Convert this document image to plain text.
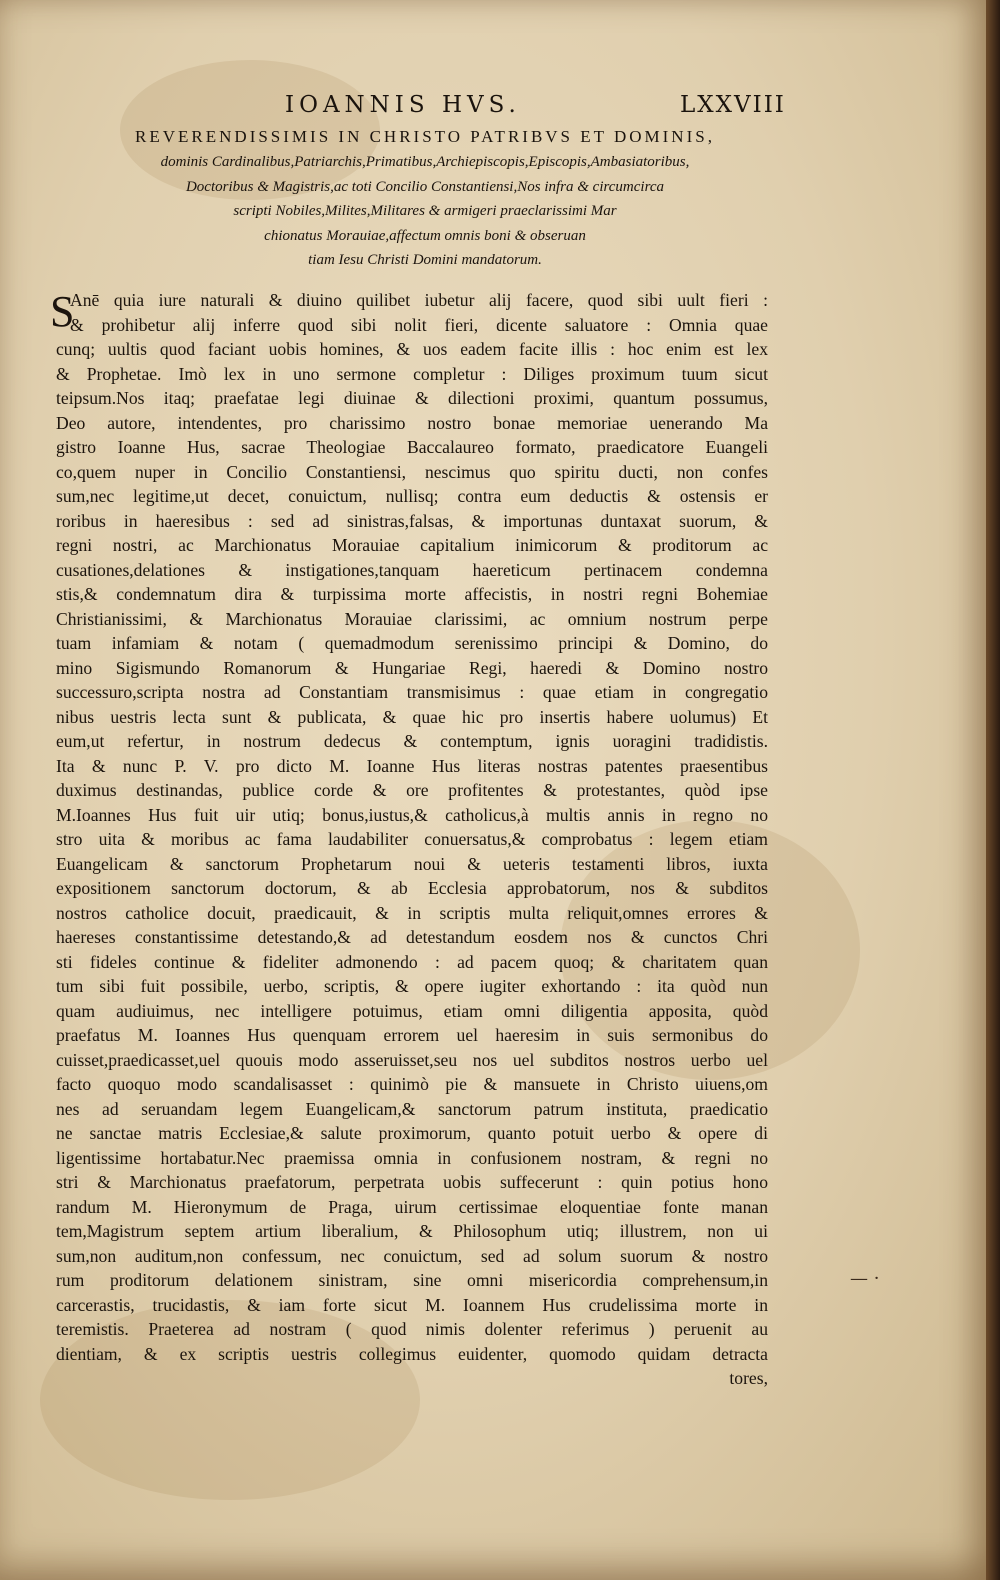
IOANNIS HVS.	LXXVIII
REVERENDISSIMIS IN CHRISTO PATRIBVS ET DOMINIS,
dominis Cardinalibus,Patriarchis,Primatibus,Archiepiscopis,Episcopis,Ambasiatoribus,
Doctoribus & Magistris,ac toti Concilio Constantiensi,Nos infra & circumcirca
scripti Nobiles,Milites,Militares & armigeri praeclarissimi Mar
chionatus Morauiae,affectum omnis boni & obseruan
tiam Iesu Christi Domini mandatorum.
S
Anē quia iure naturali & diuino quilibet iubetur alij facere, quod sibi uult fieri :
& prohibetur alij inferre quod sibi nolit fieri, dicente saluatore : Omnia quae
cunq; uultis quod faciant uobis homines, & uos eadem facite illis : hoc enim est lex
& Prophetae. Imò lex in uno sermone completur : Diliges proximum tuum sicut
teipsum.Nos itaq; praefatae legi diuinae & dilectioni proximi, quantum possumus,
Deo autore, intendentes, pro charissimo nostro bonae memoriae uenerando Ma
gistro Ioanne Hus, sacrae Theologiae Baccalaureo formato, praedicatore Euangeli
co,quem nuper in Concilio Constantiensi, nescimus quo spiritu ducti, non confes
sum,nec legitime,ut decet, conuictum, nullisq; contra eum deductis & ostensis er
roribus in haeresibus : sed ad sinistras,falsas, & importunas duntaxat suorum, &
regni nostri, ac Marchionatus Morauiae capitalium inimicorum & proditorum ac
cusationes,delationes & instigationes,tanquam haereticum pertinacem condemna
stis,& condemnatum dira & turpissima morte affecistis, in nostri regni Bohemiae
Christianissimi, & Marchionatus Morauiae clarissimi, ac omnium nostrum perpe
tuam infamiam & notam ( quemadmodum serenissimo principi & Domino, do
mino Sigismundo Romanorum & Hungariae Regi, haeredi & Domino nostro
successuro,scripta nostra ad Constantiam transmisimus : quae etiam in congregatio
nibus uestris lecta sunt & publicata, & quae hic pro insertis habere uolumus) Et
eum,ut refertur, in nostrum dedecus & contemptum, ignis uoragini tradidistis.
Ita & nunc P. V. pro dicto M. Ioanne Hus literas nostras patentes praesentibus
duximus destinandas, publice corde & ore profitentes & protestantes, quòd ipse
M.Ioannes Hus fuit uir utiq; bonus,iustus,& catholicus,à multis annis in regno no
stro uita & moribus ac fama laudabiliter conuersatus,& comprobatus : legem etiam
Euangelicam & sanctorum Prophetarum noui & ueteris testamenti libros, iuxta
expositionem sanctorum doctorum, & ab Ecclesia approbatorum, nos & subditos
nostros catholice docuit, praedicauit, & in scriptis multa reliquit,omnes errores &
haereses constantissime detestando,& ad detestandum eosdem nos & cunctos Chri
sti fideles continue & fideliter admonendo : ad pacem quoq; & charitatem quan
tum sibi fuit possibile, uerbo, scriptis, & opere iugiter exhortando : ita quòd nun
quam audiuimus, nec intelligere potuimus, etiam omni diligentia apposita, quòd
praefatus M. Ioannes Hus quenquam errorem uel haeresim in suis sermonibus do
cuisset,praedicasset,uel quouis modo asseruisset,seu nos uel subditos nostros uerbo uel
facto quoquo modo scandalisasset : quinimò pie & mansuete in Christo uiuens,om
nes ad seruandam legem Euangelicam,& sanctorum patrum instituta, praedicatio
ne sanctae matris Ecclesiae,& salute proximorum, quanto potuit uerbo & opere di
ligentissime hortabatur.Nec praemissa omnia in confusionem nostram, & regni no
stri & Marchionatus praefatorum, perpetrata uobis suffecerunt : quin potius hono
randum M. Hieronymum de Praga, uirum certissimae eloquentiae fonte manan
tem,Magistrum septem artium liberalium, & Philosophum utiq; illustrem, non ui
sum,non auditum,non confessum, nec conuictum, sed ad solum suorum & nostro
rum proditorum delationem sinistram, sine omni misericordia comprehensum,in
carcerastis, trucidastis, & iam forte sicut M. Ioannem Hus crudelissima morte in
teremistis. Praeterea ad nostram ( quod nimis dolenter referimus ) peruenit au
dientiam, & ex scriptis uestris collegimus euidenter, quomodo quidam detracta
tores,
— ·
